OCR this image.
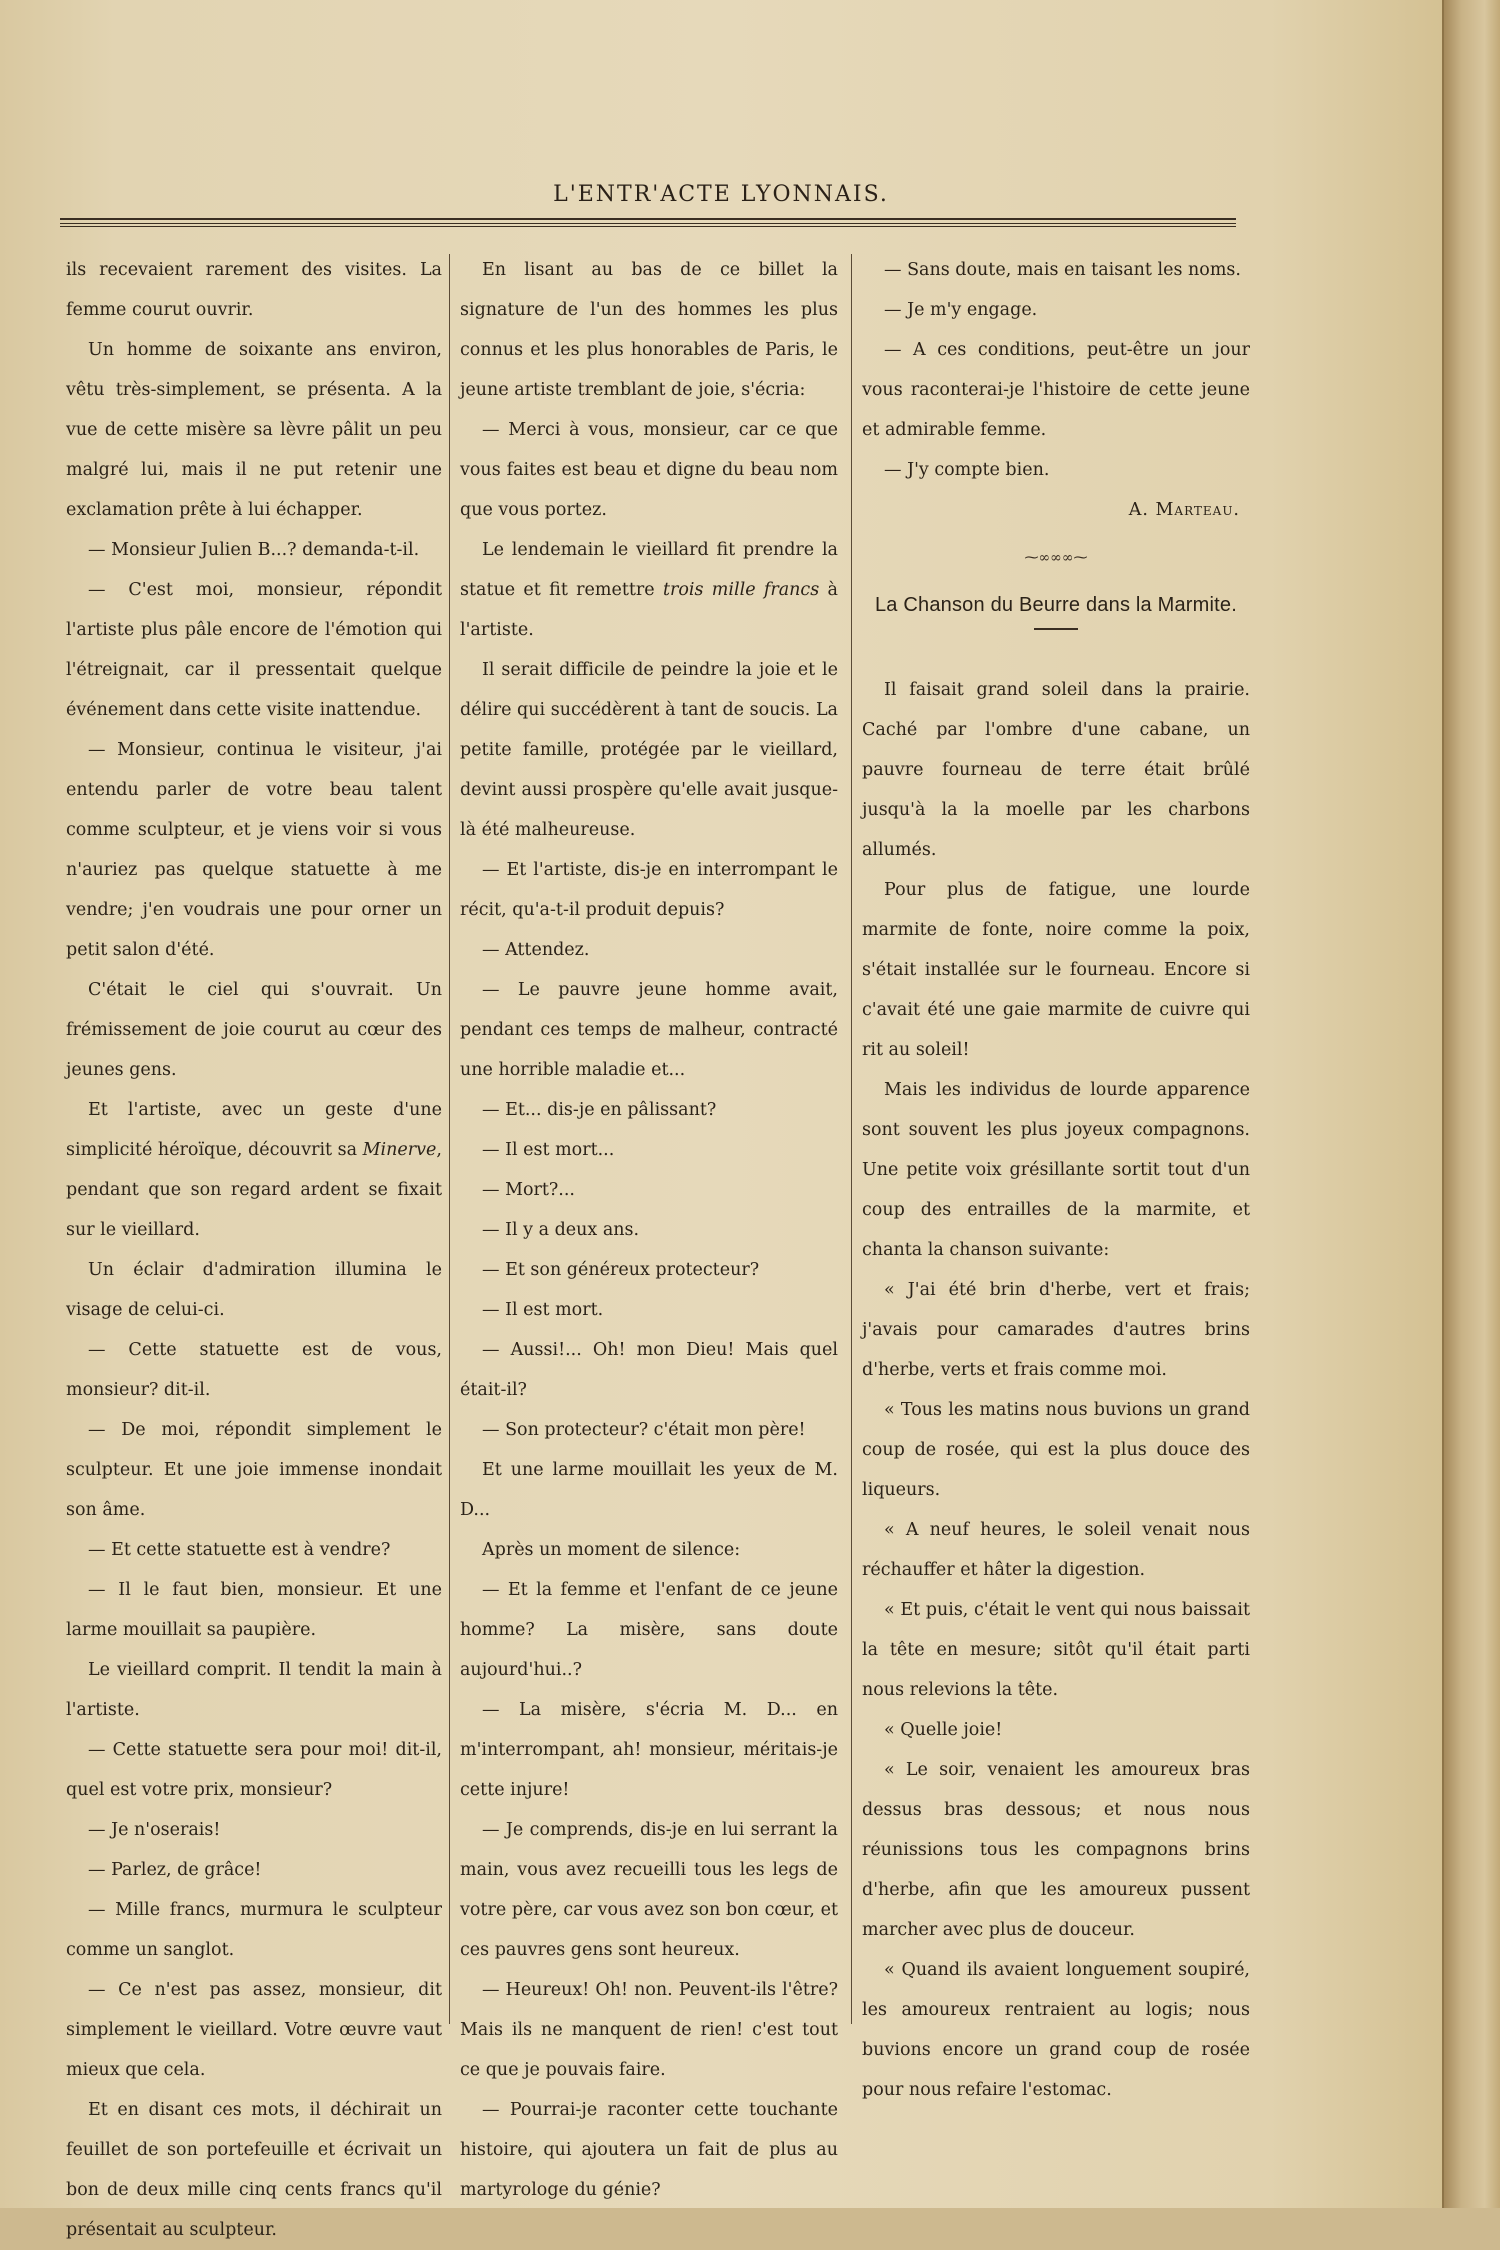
L'ENTR'ACTE LYONNAIS.

ils recevaient rarement des visites. La femme courut ouvrir.

Un homme de soixante ans environ, vêtu très-simplement, se présenta. A la vue de cette misère sa lèvre pâlit un peu malgré lui, mais il ne put retenir une exclamation prête à lui échapper.

— Monsieur Julien B...? demanda-t-il.

— C'est moi, monsieur, répondit l'artiste plus pâle encore de l'émotion qui l'étreignait, car il pressentait quelque événement dans cette visite inattendue.

— Monsieur, continua le visiteur, j'ai entendu parler de votre beau talent comme sculpteur, et je viens voir si vous n'auriez pas quelque statuette à me vendre; j'en voudrais une pour orner un petit salon d'été.

C'était le ciel qui s'ouvrait. Un frémissement de joie courut au cœur des jeunes gens.

Et l'artiste, avec un geste d'une simplicité héroïque, découvrit sa Minerve, pendant que son regard ardent se fixait sur le vieillard.

Un éclair d'admiration illumina le visage de celui-ci.

— Cette statuette est de vous, monsieur? dit-il.

— De moi, répondit simplement le sculpteur. Et une joie immense inondait son âme.

— Et cette statuette est à vendre?

— Il le faut bien, monsieur. Et une larme mouillait sa paupière.

Le vieillard comprit. Il tendit la main à l'artiste.

— Cette statuette sera pour moi! dit-il, quel est votre prix, monsieur?

— Je n'oserais!

— Parlez, de grâce!

— Mille francs, murmura le sculpteur comme un sanglot.

— Ce n'est pas assez, monsieur, dit simplement le vieillard. Votre œuvre vaut mieux que cela.

Et en disant ces mots, il déchirait un feuillet de son portefeuille et écrivait un bon de deux mille cinq cents francs qu'il présentait au sculpteur.

En lisant au bas de ce billet la signature de l'un des hommes les plus connus et les plus honorables de Paris, le jeune artiste tremblant de joie, s'écria:

— Merci à vous, monsieur, car ce que vous faites est beau et digne du beau nom que vous portez.

Le lendemain le vieillard fit prendre la statue et fit remettre trois mille francs à l'artiste.

Il serait difficile de peindre la joie et le délire qui succédèrent à tant de soucis. La petite famille, protégée par le vieillard, devint aussi prospère qu'elle avait jusque-là été malheureuse.

— Et l'artiste, dis-je en interrompant le récit, qu'a-t-il produit depuis?

— Attendez.

— Le pauvre jeune homme avait, pendant ces temps de malheur, contracté une horrible maladie et...

— Et... dis-je en pâlissant?

— Il est mort...

— Mort?...

— Il y a deux ans.

— Et son généreux protecteur?

— Il est mort.

— Aussi!... Oh! mon Dieu! Mais quel était-il?

— Son protecteur? c'était mon père!

Et une larme mouillait les yeux de M. D...

Après un moment de silence:

— Et la femme et l'enfant de ce jeune homme? La misère, sans doute aujourd'hui..?

— La misère, s'écria M. D... en m'interrompant, ah! monsieur, méritais-je cette injure!

— Je comprends, dis-je en lui serrant la main, vous avez recueilli tous les legs de votre père, car vous avez son bon cœur, et ces pauvres gens sont heureux.

— Heureux! Oh! non. Peuvent-ils l'être? Mais ils ne manquent de rien! c'est tout ce que je pouvais faire.

— Pourrai-je raconter cette touchante histoire, qui ajoutera un fait de plus au martyrologe du génie?

— Sans doute, mais en taisant les noms.

— Je m'y engage.

— A ces conditions, peut-être un jour vous raconterai-je l'histoire de cette jeune et admirable femme.

— J'y compte bien.

A. Marteau.
⁓∞∞∞⁓
La Chanson du Beurre dans la Marmite.

Il faisait grand soleil dans la prairie. Caché par l'ombre d'une cabane, un pauvre fourneau de terre était brûlé jusqu'à la la moelle par les charbons allumés.

Pour plus de fatigue, une lourde marmite de fonte, noire comme la poix, s'était installée sur le fourneau. Encore si c'avait été une gaie marmite de cuivre qui rit au soleil!

Mais les individus de lourde apparence sont souvent les plus joyeux compagnons. Une petite voix grésillante sortit tout d'un coup des entrailles de la marmite, et chanta la chanson suivante:

« J'ai été brin d'herbe, vert et frais; j'avais pour camarades d'autres brins d'herbe, verts et frais comme moi.

« Tous les matins nous buvions un grand coup de rosée, qui est la plus douce des liqueurs.

« A neuf heures, le soleil venait nous réchauffer et hâter la digestion.

« Et puis, c'était le vent qui nous baissait la tête en mesure; sitôt qu'il était parti nous relevions la tête.

« Quelle joie!

« Le soir, venaient les amoureux bras dessus bras dessous; et nous nous réunissions tous les compagnons brins d'herbe, afin que les amoureux pussent marcher avec plus de douceur.

« Quand ils avaient longuement soupiré, les amoureux rentraient au logis; nous buvions encore un grand coup de rosée pour nous refaire l'estomac.
